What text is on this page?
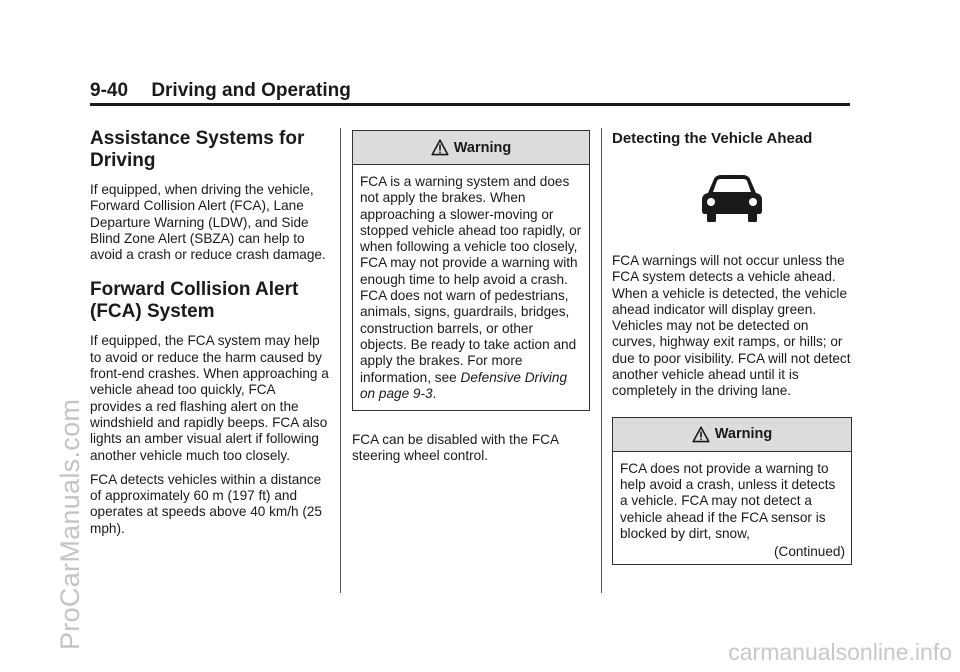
9-40 Driving and Operating
Assistance Systems for Driving

If equipped, when driving the vehicle, Forward Collision Alert (FCA), Lane Departure Warning (LDW), and Side Blind Zone Alert (SBZA) can help to avoid a crash or reduce crash damage.

Forward Collision Alert (FCA) System

If equipped, the FCA system may help to avoid or reduce the harm caused by front-end crashes. When approaching a vehicle ahead too quickly, FCA provides a red flashing alert on the windshield and rapidly beeps. FCA also lights an amber visual alert if following another vehicle much too closely.

FCA detects vehicles within a distance of approximately 60 m (197 ft) and operates at speeds above 40 km/h (25 mph).

Warning

FCA is a warning system and does not apply the brakes. When approaching a slower-moving or stopped vehicle ahead too rapidly, or when following a vehicle too closely, FCA may not provide a warning with enough time to help avoid a crash. FCA does not warn of pedestrians, animals, signs, guardrails, bridges, construction barrels, or other objects. Be ready to take action and apply the brakes. For more information, see Defensive Driving on page 9-3.

FCA can be disabled with the FCA steering wheel control.

Detecting the Vehicle Ahead

FCA warnings will not occur unless the FCA system detects a vehicle ahead. When a vehicle is detected, the vehicle ahead indicator will display green. Vehicles may not be detected on curves, highway exit ramps, or hills; or due to poor visibility. FCA will not detect another vehicle ahead until it is completely in the driving lane.

Warning

FCA does not provide a warning to help avoid a crash, unless it detects a vehicle. FCA may not detect a vehicle ahead if the FCA sensor is blocked by dirt, snow,

(Continued)
ProCarManuals.com
carmanualsonline.info
